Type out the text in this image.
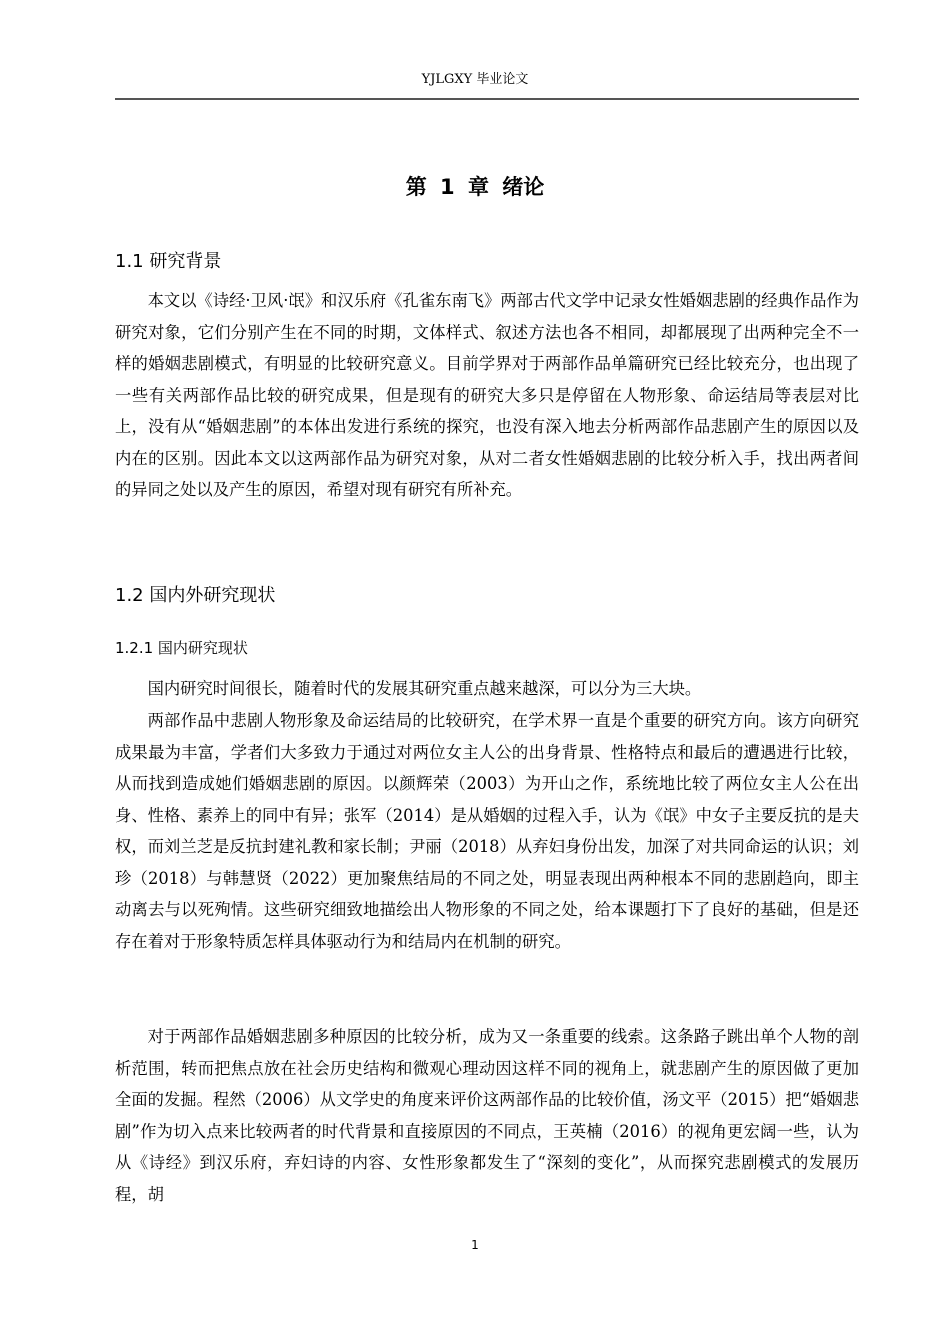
YJLGXY 毕业论文
第 1 章 绪论
1.1 研究背景

本文以《诗经·卫风·氓》和汉乐府《孔雀东南飞》两部古代文学中记录女性婚姻悲剧的经典作品作为研究对象，它们分别产生在不同的时期，文体样式、叙述方法也各不相同，却都展现了出两种完全不一样的婚姻悲剧模式，有明显的比较研究意义。目前学界对于两部作品单篇研究已经比较充分，也出现了一些有关两部作品比较的研究成果，但是现有的研究大多只是停留在人物形象、命运结局等表层对比上，没有从“婚姻悲剧”的本体出发进行系统的探究，也没有深入地去分析两部作品悲剧产生的原因以及内在的区别。因此本文以这两部作品为研究对象，从对二者女性婚姻悲剧的比较分析入手，找出两者间的异同之处以及产生的原因，希望对现有研究有所补充。

1.2 国内外研究现状
1.2.1 国内研究现状

国内研究时间很长，随着时代的发展其研究重点越来越深，可以分为三大块。

两部作品中悲剧人物形象及命运结局的比较研究，在学术界一直是个重要的研究方向。该方向研究成果最为丰富，学者们大多致力于通过对两位女主人公的出身背景、性格特点和最后的遭遇进行比较，从而找到造成她们婚姻悲剧的原因。以颜辉荣（2003）为开山之作，系统地比较了两位女主人公在出身、性格、素养上的同中有异；张军（2014）是从婚姻的过程入手，认为《氓》中女子主要反抗的是夫权，而刘兰芝是反抗封建礼教和家长制；尹丽（2018）从弃妇身份出发，加深了对共同命运的认识；刘珍（2018）与韩慧贤（2022）更加聚焦结局的不同之处，明显表现出两种根本不同的悲剧趋向，即主动离去与以死殉情。这些研究细致地描绘出人物形象的不同之处，给本课题打下了良好的基础，但是还存在着对于形象特质怎样具体驱动行为和结局内在机制的研究。

对于两部作品婚姻悲剧多种原因的比较分析，成为又一条重要的线索。这条路子跳出单个人物的剖析范围，转而把焦点放在社会历史结构和微观心理动因这样不同的视角上，就悲剧产生的原因做了更加全面的发掘。程然（2006）从文学史的角度来评价这两部作品的比较价值，汤文平（2015）把“婚姻悲剧”作为切入点来比较两者的时代背景和直接原因的不同点，王英楠（2016）的视角更宏阔一些，认为从《诗经》到汉乐府，弃妇诗的内容、女性形象都发生了“深刻的变化”，从而探究悲剧模式的发展历程，胡

1
